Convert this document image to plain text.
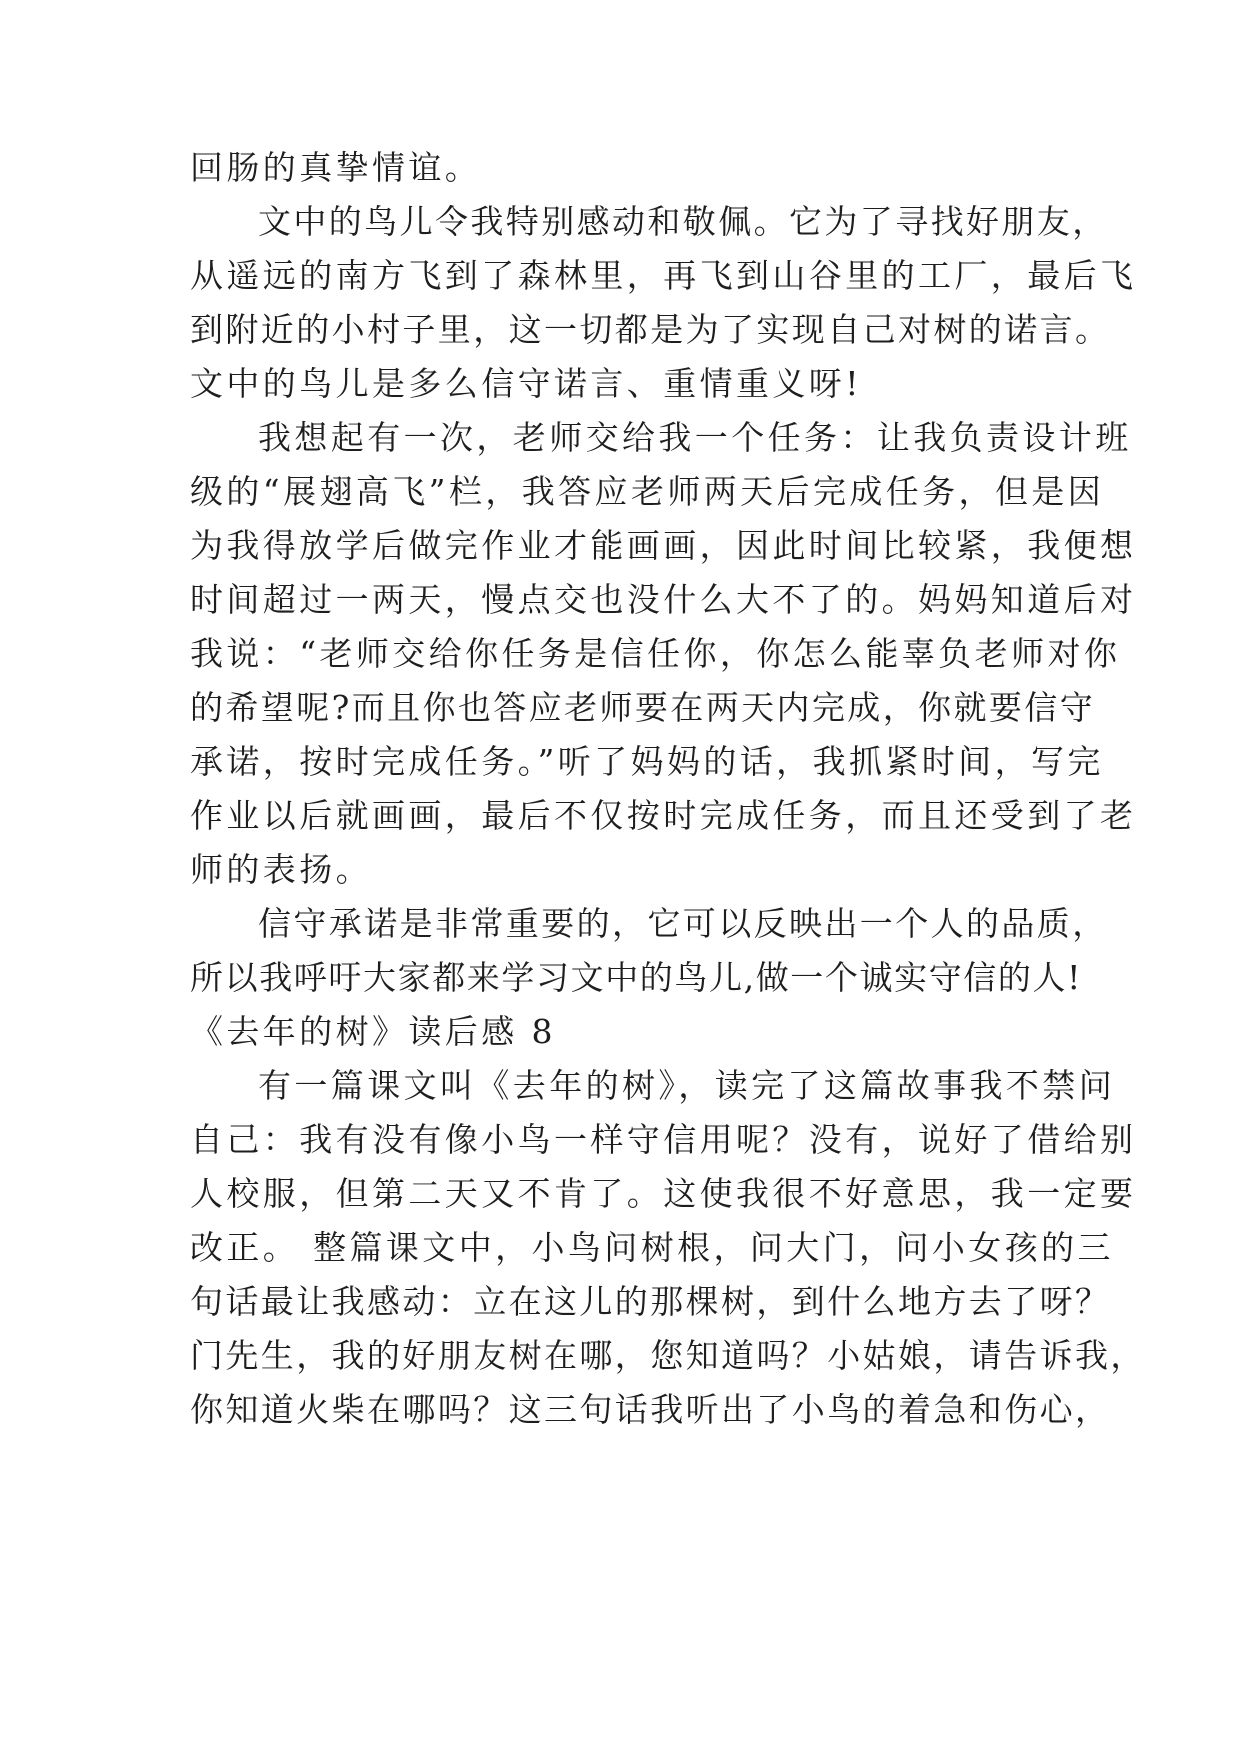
回肠的真挚情谊。
文中的鸟儿令我特别感动和敬佩。它为了寻找好朋友，
从遥远的南方飞到了森林里，再飞到山谷里的工厂，最后飞
到附近的小村子里，这一切都是为了实现自己对树的诺言。
文中的鸟儿是多么信守诺言、重情重义呀!
我想起有一次，老师交给我一个任务：让我负责设计班
级的“展翅高飞”栏，我答应老师两天后完成任务，但是因
为我得放学后做完作业才能画画，因此时间比较紧，我便想
时间超过一两天，慢点交也没什么大不了的。妈妈知道后对
我说：“老师交给你任务是信任你，你怎么能辜负老师对你
的希望呢?而且你也答应老师要在两天内完成，你就要信守
承诺，按时完成任务。”听了妈妈的话，我抓紧时间，写完
作业以后就画画，最后不仅按时完成任务，而且还受到了老
师的表扬。
信守承诺是非常重要的，它可以反映出一个人的品质，
所以我呼吁大家都来学习文中的鸟儿,做一个诚实守信的人!
《去年的树》读后感 8
有一篇课文叫《去年的树》，读完了这篇故事我不禁问
自己：我有没有像小鸟一样守信用呢？没有，说好了借给别
人校服，但第二天又不肯了。这使我很不好意思，我一定要
改正。 整篇课文中，小鸟问树根，问大门，问小女孩的三
句话最让我感动：立在这儿的那棵树，到什么地方去了呀？
门先生，我的好朋友树在哪，您知道吗？小姑娘，请告诉我，
你知道火柴在哪吗？这三句话我听出了小鸟的着急和伤心，
